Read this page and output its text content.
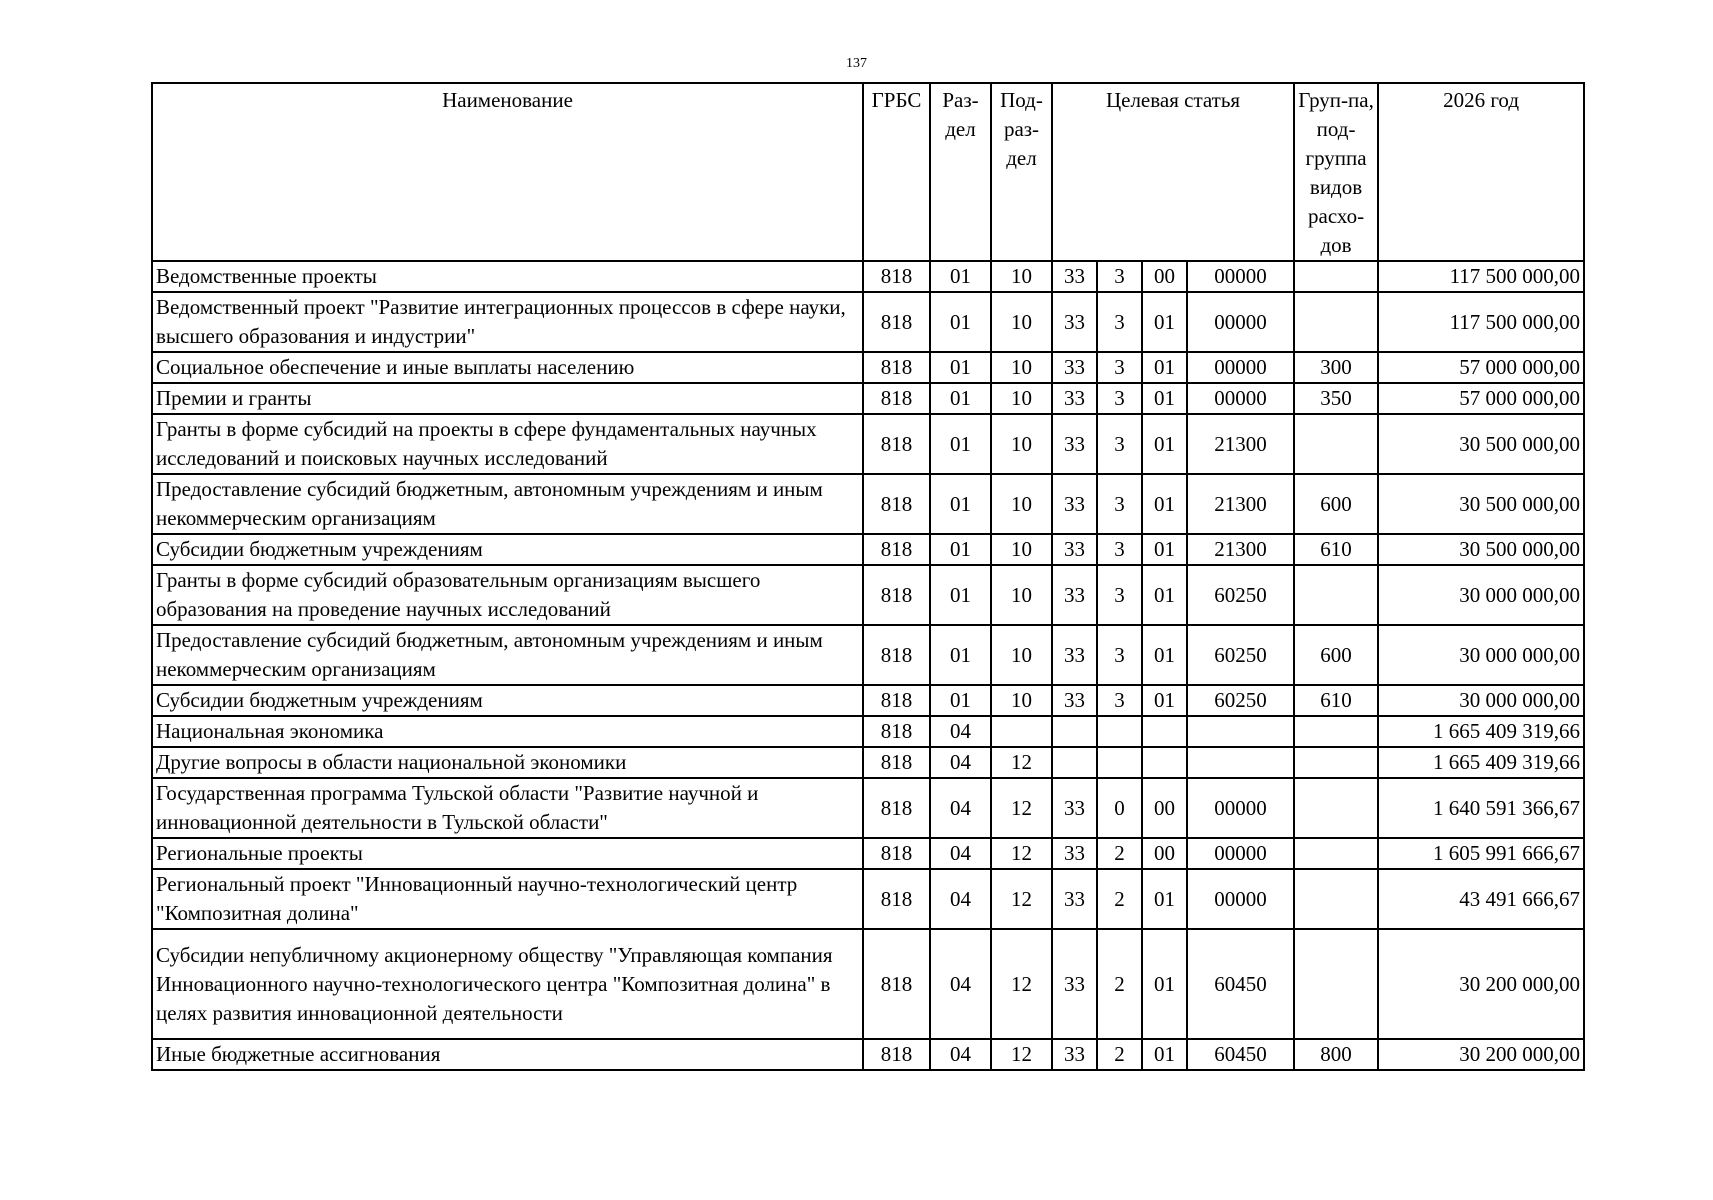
137
Наименование	ГРБС	Раз-дел	Под-раз-дел	Целевая статья				Груп-па, под-группа видов расхо-дов	2026 год
Ведомственные проекты	818	01	10	33	3	00	00000		117 500 000,00
Ведомственный проект "Развитие интеграционных процессов в сфере науки, высшего образования и индустрии"	818	01	10	33	3	01	00000		117 500 000,00
Социальное обеспечение и иные выплаты населению	818	01	10	33	3	01	00000	300	57 000 000,00
Премии и гранты	818	01	10	33	3	01	00000	350	57 000 000,00
Гранты в форме субсидий на проекты в сфере фундаментальных научных исследований и поисковых научных исследований	818	01	10	33	3	01	21300		30 500 000,00
Предоставление субсидий бюджетным, автономным учреждениям и иным некоммерческим организациям	818	01	10	33	3	01	21300	600	30 500 000,00
Субсидии бюджетным учреждениям	818	01	10	33	3	01	21300	610	30 500 000,00
Гранты в форме субсидий образовательным организациям высшего образования на проведение научных исследований	818	01	10	33	3	01	60250		30 000 000,00
Предоставление субсидий бюджетным, автономным учреждениям и иным некоммерческим организациям	818	01	10	33	3	01	60250	600	30 000 000,00
Субсидии бюджетным учреждениям	818	01	10	33	3	01	60250	610	30 000 000,00
Национальная экономика	818	04							1 665 409 319,66
Другие вопросы в области национальной экономики	818	04	12						1 665 409 319,66
Государственная программа Тульской области "Развитие научной и инновационной деятельности в Тульской области"	818	04	12	33	0	00	00000		1 640 591 366,67
Региональные проекты	818	04	12	33	2	00	00000		1 605 991 666,67
Региональный проект "Инновационный научно-технологический центр "Композитная долина"	818	04	12	33	2	01	00000		43 491 666,67
Субсидии непубличному акционерному обществу "Управляющая компания Инновационного научно-технологического центра "Композитная долина" в целях развития инновационной деятельности	818	04	12	33	2	01	60450		30 200 000,00
Иные бюджетные ассигнования	818	04	12	33	2	01	60450	800	30 200 000,00
